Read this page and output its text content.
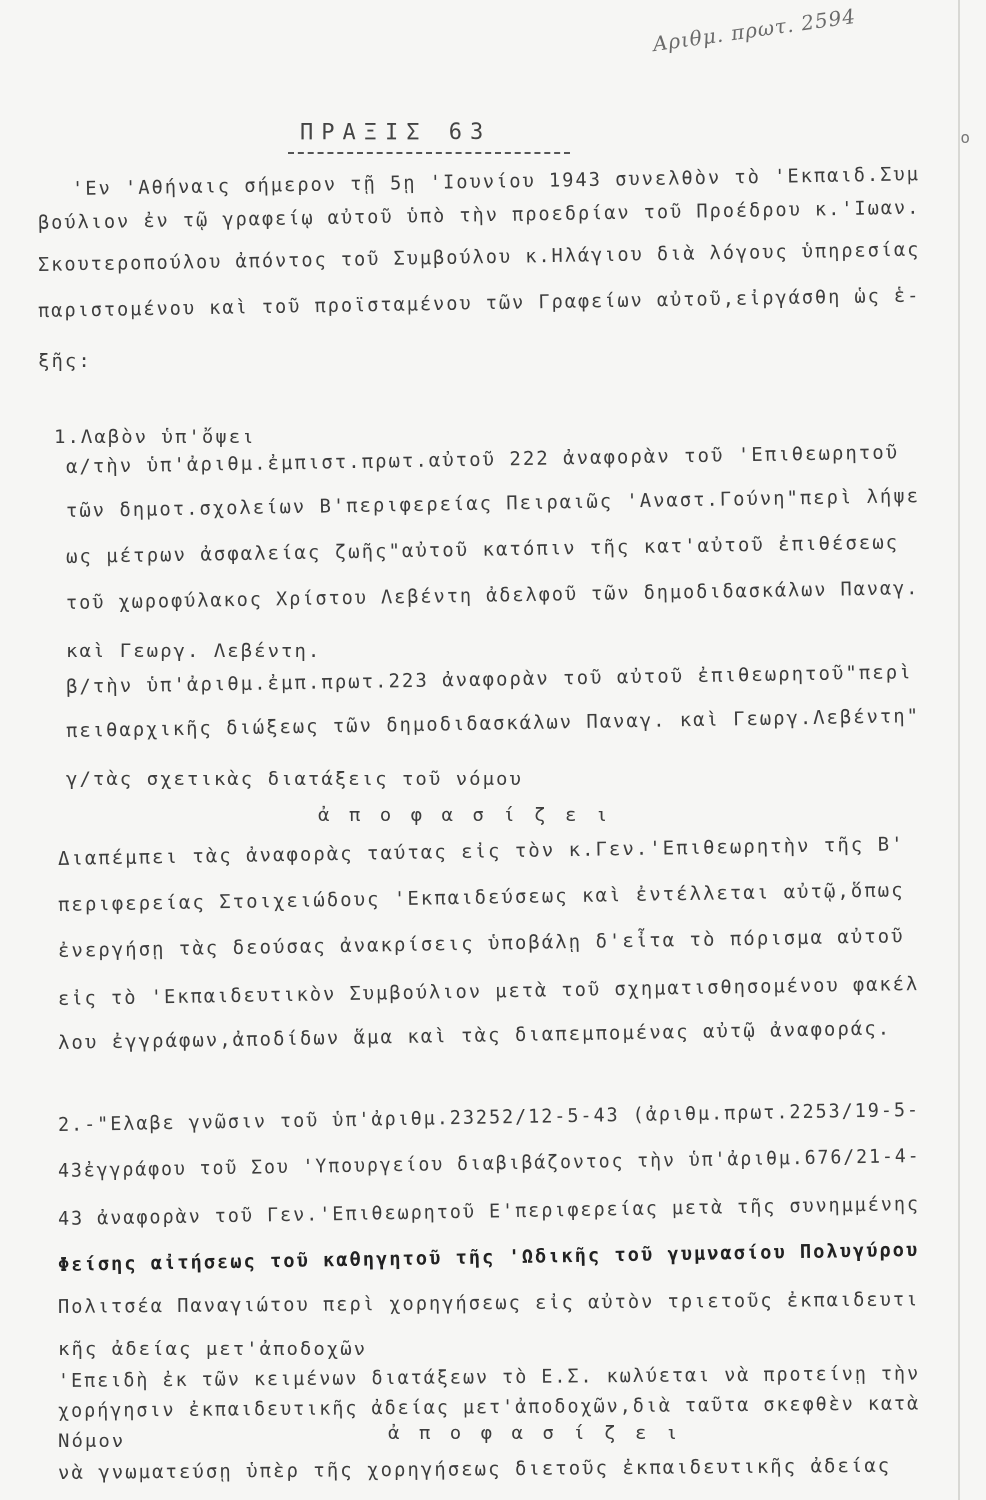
ο
Αριθμ. πρωτ. 2594
ΠΡΑΞΙΣ 63
'Εν 'Αθήναις σήμερον τῇ 5ῃ 'Ιουνίου 1943 συνελθὸν τὸ 'Εκπαιδ.Συμ
βούλιον ἐν τῷ γραφείῳ αὐτοῦ ὑπὸ τὴν προεδρίαν τοῦ Προέδρου κ.'Ιωαν.
Σκουτεροπούλου ἀπόντος τοῦ Συμβούλου κ.Ηλάγιου διὰ λόγους ὑπηρεσίας
παριστομένου καὶ τοῦ προϊσταμένου τῶν Γραφείων αὐτοῦ,εἰργάσθη ὡς ἑ-
ξῆς:
1.Λαβὸν ὑπ'ὄψει
α/τὴν ὑπ'ἀριθμ.ἐμπιστ.πρωτ.αὐτοῦ 222 ἀναφορὰν τοῦ 'Επιθεωρητοῦ
τῶν δημοτ.σχολείων Β'περιφερείας Πειραιῶς 'Αναστ.Γούνη"περὶ λήψε
ως μέτρων ἀσφαλείας ζωῆς"αὐτοῦ κατόπιν τῆς κατ'αὐτοῦ ἐπιθέσεως
τοῦ χωροφύλακος Χρίστου Λεβέντη ἀδελφοῦ τῶν δημοδιδασκάλων Παναγ.
καὶ Γεωργ. Λεβέντη.
β/τὴν ὑπ'ἀριθμ.ἐμπ.πρωτ.223 ἀναφορὰν τοῦ αὐτοῦ ἐπιθεωρητοῦ"περὶ
πειθαρχικῆς διώξεως τῶν δημοδιδασκάλων Παναγ. καὶ Γεωργ.Λεβέντη"
γ/τὰς σχετικὰς διατάξεις τοῦ νόμου
ἀ π ο φ α σ ί ζ ε ι
Διαπέμπει τὰς ἀναφορὰς ταύτας εἰς τὸν κ.Γεν.'Επιθεωρητὴν τῆς Β'
περιφερείας Στοιχειώδους 'Εκπαιδεύσεως καὶ ἐντέλλεται αὐτῷ,ὅπως
ἐνεργήσῃ τὰς δεούσας ἀνακρίσεις ὑποβάλῃ δ'εἶτα τὸ πόρισμα αὐτοῦ
εἰς τὸ 'Εκπαιδευτικὸν Συμβούλιον μετὰ τοῦ σχηματισθησομένου φακέλ
λου ἐγγράφων,ἀποδίδων ἅμα καὶ τὰς διαπεμπομένας αὐτῷ ἀναφοράς.
2.-"Ελαβε γνῶσιν τοῦ ὑπ'ἀριθμ.23252/12-5-43 (ἀριθμ.πρωτ.2253/19-5-
43ἐγγράφου τοῦ Σου 'Υπουργείου διαβιβάζοντος τὴν ὑπ'ἀριθμ.676/21-4-
43 ἀναφορὰν τοῦ Γεν.'Επιθεωρητοῦ Ε'περιφερείας μετὰ τῆς συνημμένης
Φείσης αἰτήσεως τοῦ καθηγητοῦ τῆς 'Ωδικῆς τοῦ γυμνασίου Πολυγύρου
Πολιτσέα Παναγιώτου περὶ χορηγήσεως εἰς αὐτὸν τριετοῦς ἐκπαιδευτι
κῆς ἀδείας μετ'ἀποδοχῶν
'Επειδὴ ἐκ τῶν κειμένων διατάξεων τὸ Ε.Σ. κωλύεται νὰ προτείνῃ τὴν
χορήγησιν ἐκπαιδευτικῆς ἀδείας μετ'ἀποδοχῶν,διὰ ταῦτα σκεφθὲν κατὰ
Νόμον	ἀ π ο φ α σ ί ζ ε ι
νὰ γνωματεύσῃ ὑπὲρ τῆς χορηγήσεως διετοῦς ἐκπαιδευτικῆς ἀδείας
